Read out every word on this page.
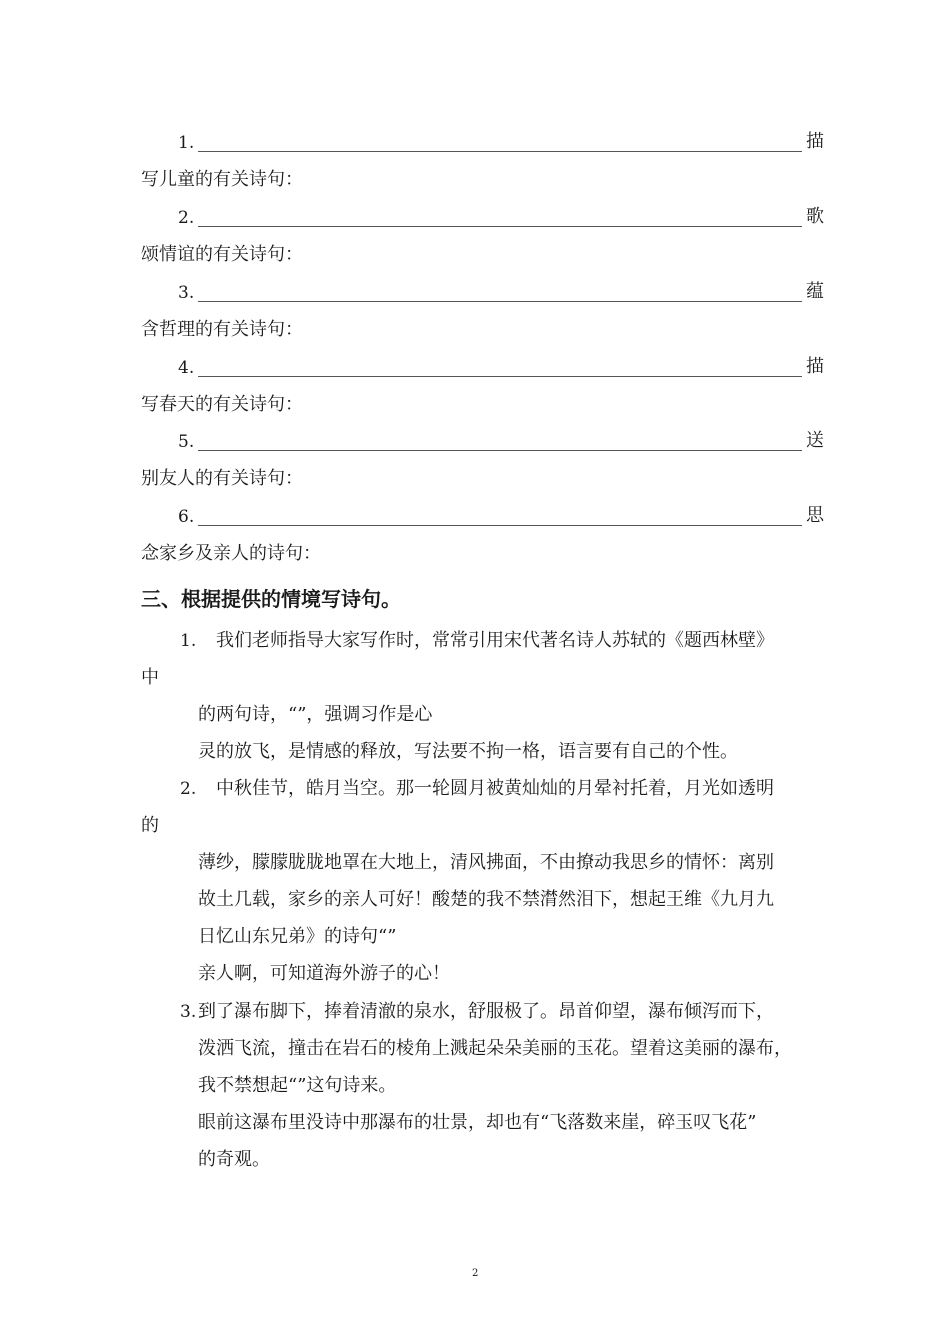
1.	描
写儿童的有关诗句：
2.	歌
颂情谊的有关诗句：
3.	蕴
含哲理的有关诗句：
4.	描
写春天的有关诗句：
5.	送
别友人的有关诗句：
6.	思
念家乡及亲人的诗句：
三、根据提供的情境写诗句。
1. 我们老师指导大家写作时，常常引用宋代著名诗人苏轼的《题西林壁》
中
的两句诗，“”，强调习作是心
灵的放飞，是情感的释放，写法要不拘一格，语言要有自己的个性。
2. 中秋佳节，皓月当空。那一轮圆月被黄灿灿的月晕衬托着，月光如透明
的
薄纱，朦朦胧胧地罩在大地上，清风拂面，不由撩动我思乡的情怀：离别
故土几载，家乡的亲人可好！酸楚的我不禁潸然泪下，想起王维《九月九
日忆山东兄弟》的诗句“”
亲人啊，可知道海外游子的心！
3. 到了瀑布脚下，捧着清澈的泉水，舒服极了。昂首仰望，瀑布倾泻而下，
泼洒飞流，撞击在岩石的棱角上溅起朵朵美丽的玉花。望着这美丽的瀑布，
我不禁想起“”这句诗来。
眼前这瀑布里没诗中那瀑布的壮景，却也有“飞落数来崖，碎玉叹飞花”
的奇观。
2
